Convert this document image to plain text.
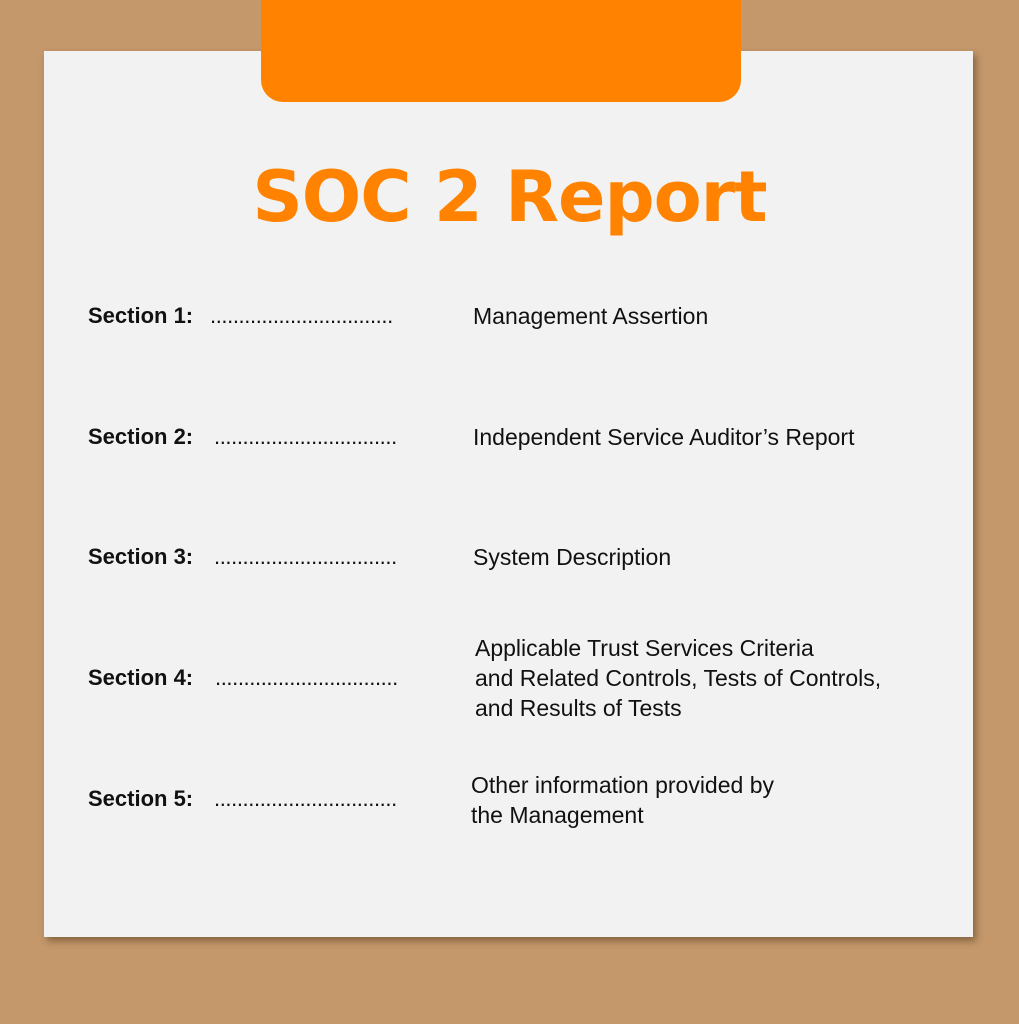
SOC 2 Report
Section 1: ................................	Management Assertion
Section 2: ................................	Independent Service Auditor’s Report
Section 3: ................................	System Description
Section 4: ................................
Applicable Trust Services Criteria
and Related Controls, Tests of Controls,
and Results of Tests
Section 5: ................................
Other information provided by
the Management
